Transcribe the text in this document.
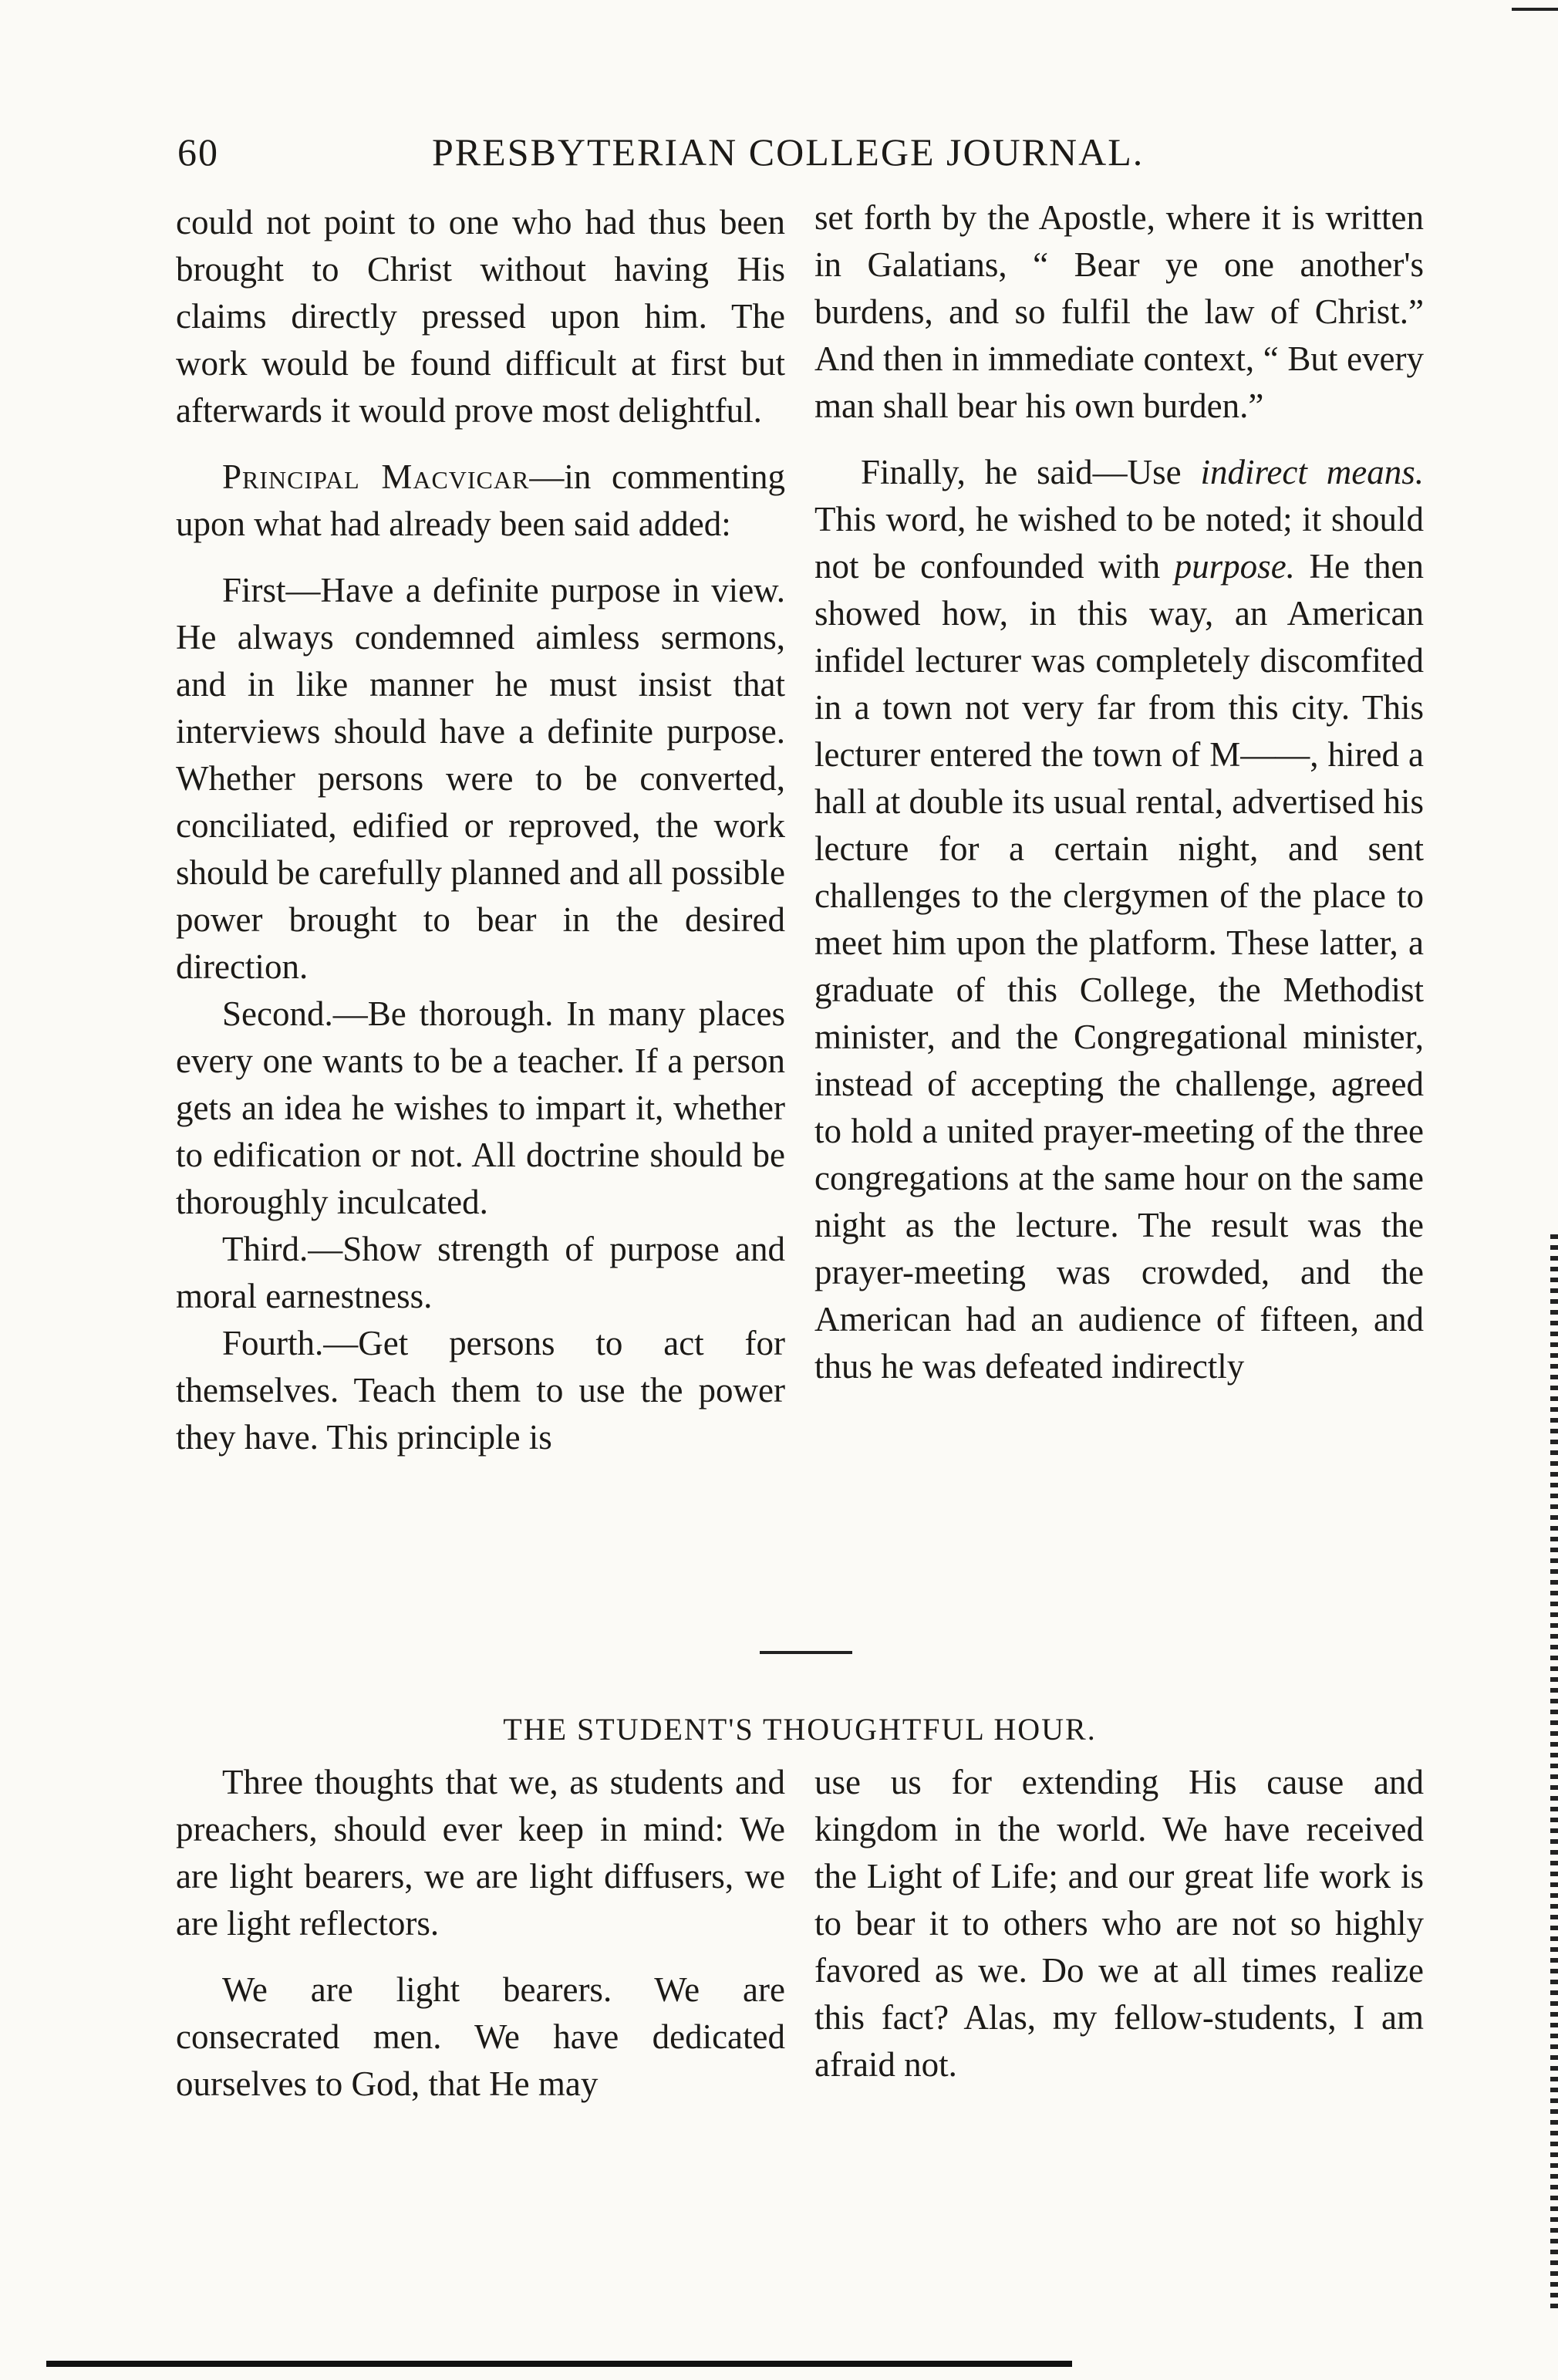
60	PRESBYTERIAN COLLEGE JOURNAL.

could not point to one who had thus been brought to Christ without having His claims directly pressed upon him. The work would be found difficult at first but afterwards it would prove most delightful.

Principal Macvicar—in commenting upon what had already been said added:

First—Have a definite purpose in view. He always condemned aimless sermons, and in like manner he must insist that interviews should have a definite purpose. Whether persons were to be converted, conciliated, edified or reproved, the work should be carefully planned and all possible power brought to bear in the desired direction.

Second.—Be thorough. In many places every one wants to be a teacher. If a person gets an idea he wishes to impart it, whether to edification or not. All doctrine should be thoroughly inculcated.

Third.—Show strength of purpose and moral earnestness.

Fourth.—Get persons to act for themselves. Teach them to use the power they have. This principle is

set forth by the Apostle, where it is written in Galatians, “ Bear ye one another's burdens, and so fulfil the law of Christ.” And then in immediate context, “ But every man shall bear his own burden.”

Finally, he said—Use indirect means. This word, he wished to be noted; it should not be confounded with purpose. He then showed how, in this way, an American infidel lecturer was completely discomfited in a town not very far from this city. This lecturer entered the town of M——, hired a hall at double its usual rental, advertised his lecture for a certain night, and sent challenges to the clergymen of the place to meet him upon the platform. These latter, a graduate of this College, the Methodist minister, and the Congregational minister, instead of accepting the challenge, agreed to hold a united prayer-meeting of the three congregations at the same hour on the same night as the lecture. The result was the prayer-meeting was crowded, and the American had an audience of fifteen, and thus he was defeated indirectly

THE STUDENT'S THOUGHTFUL HOUR.

Three thoughts that we, as students and preachers, should ever keep in mind: We are light bearers, we are light diffusers, we are light reflectors.

We are light bearers. We are consecrated men. We have dedicated ourselves to God, that He may

use us for extending His cause and kingdom in the world. We have received the Light of Life; and our great life work is to bear it to others who are not so highly favored as we. Do we at all times realize this fact? Alas, my fellow-students, I am afraid not.
